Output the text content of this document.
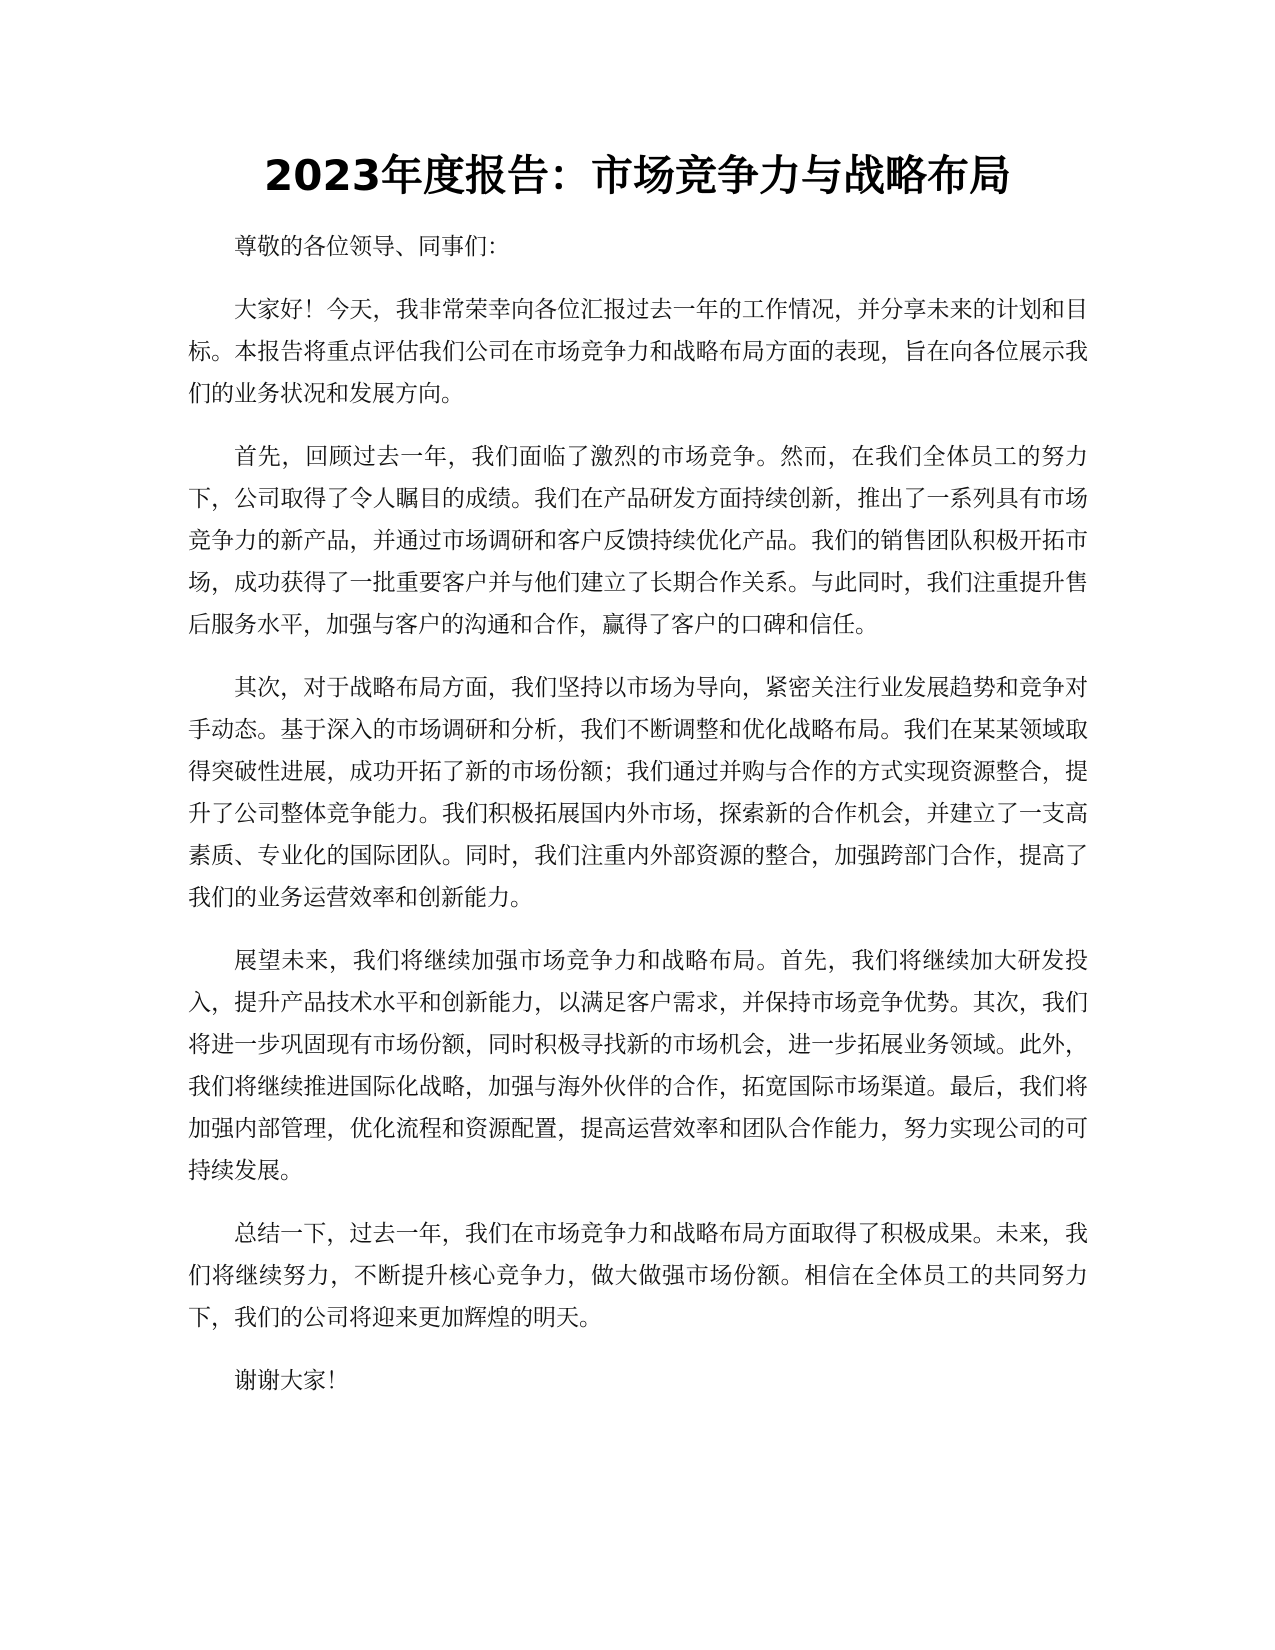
2023年度报告：市场竞争力与战略布局

尊敬的各位领导、同事们：

大家好！今天，我非常荣幸向各位汇报过去一年的工作情况，并分享未来的计划和目标。本报告将重点评估我们公司在市场竞争力和战略布局方面的表现，旨在向各位展示我们的业务状况和发展方向。

首先，回顾过去一年，我们面临了激烈的市场竞争。然而，在我们全体员工的努力下，公司取得了令人瞩目的成绩。我们在产品研发方面持续创新，推出了一系列具有市场竞争力的新产品，并通过市场调研和客户反馈持续优化产品。我们的销售团队积极开拓市场，成功获得了一批重要客户并与他们建立了长期合作关系。与此同时，我们注重提升售后服务水平，加强与客户的沟通和合作，赢得了客户的口碑和信任。

其次，对于战略布局方面，我们坚持以市场为导向，紧密关注行业发展趋势和竞争对手动态。基于深入的市场调研和分析，我们不断调整和优化战略布局。我们在某某领域取得突破性进展，成功开拓了新的市场份额；我们通过并购与合作的方式实现资源整合，提升了公司整体竞争能力。我们积极拓展国内外市场，探索新的合作机会，并建立了一支高素质、专业化的国际团队。同时，我们注重内外部资源的整合，加强跨部门合作，提高了我们的业务运营效率和创新能力。

展望未来，我们将继续加强市场竞争力和战略布局。首先，我们将继续加大研发投入，提升产品技术水平和创新能力，以满足客户需求，并保持市场竞争优势。其次，我们将进一步巩固现有市场份额，同时积极寻找新的市场机会，进一步拓展业务领域。此外，我们将继续推进国际化战略，加强与海外伙伴的合作，拓宽国际市场渠道。最后，我们将加强内部管理，优化流程和资源配置，提高运营效率和团队合作能力，努力实现公司的可持续发展。

总结一下，过去一年，我们在市场竞争力和战略布局方面取得了积极成果。未来，我们将继续努力，不断提升核心竞争力，做大做强市场份额。相信在全体员工的共同努力下，我们的公司将迎来更加辉煌的明天。

谢谢大家！
